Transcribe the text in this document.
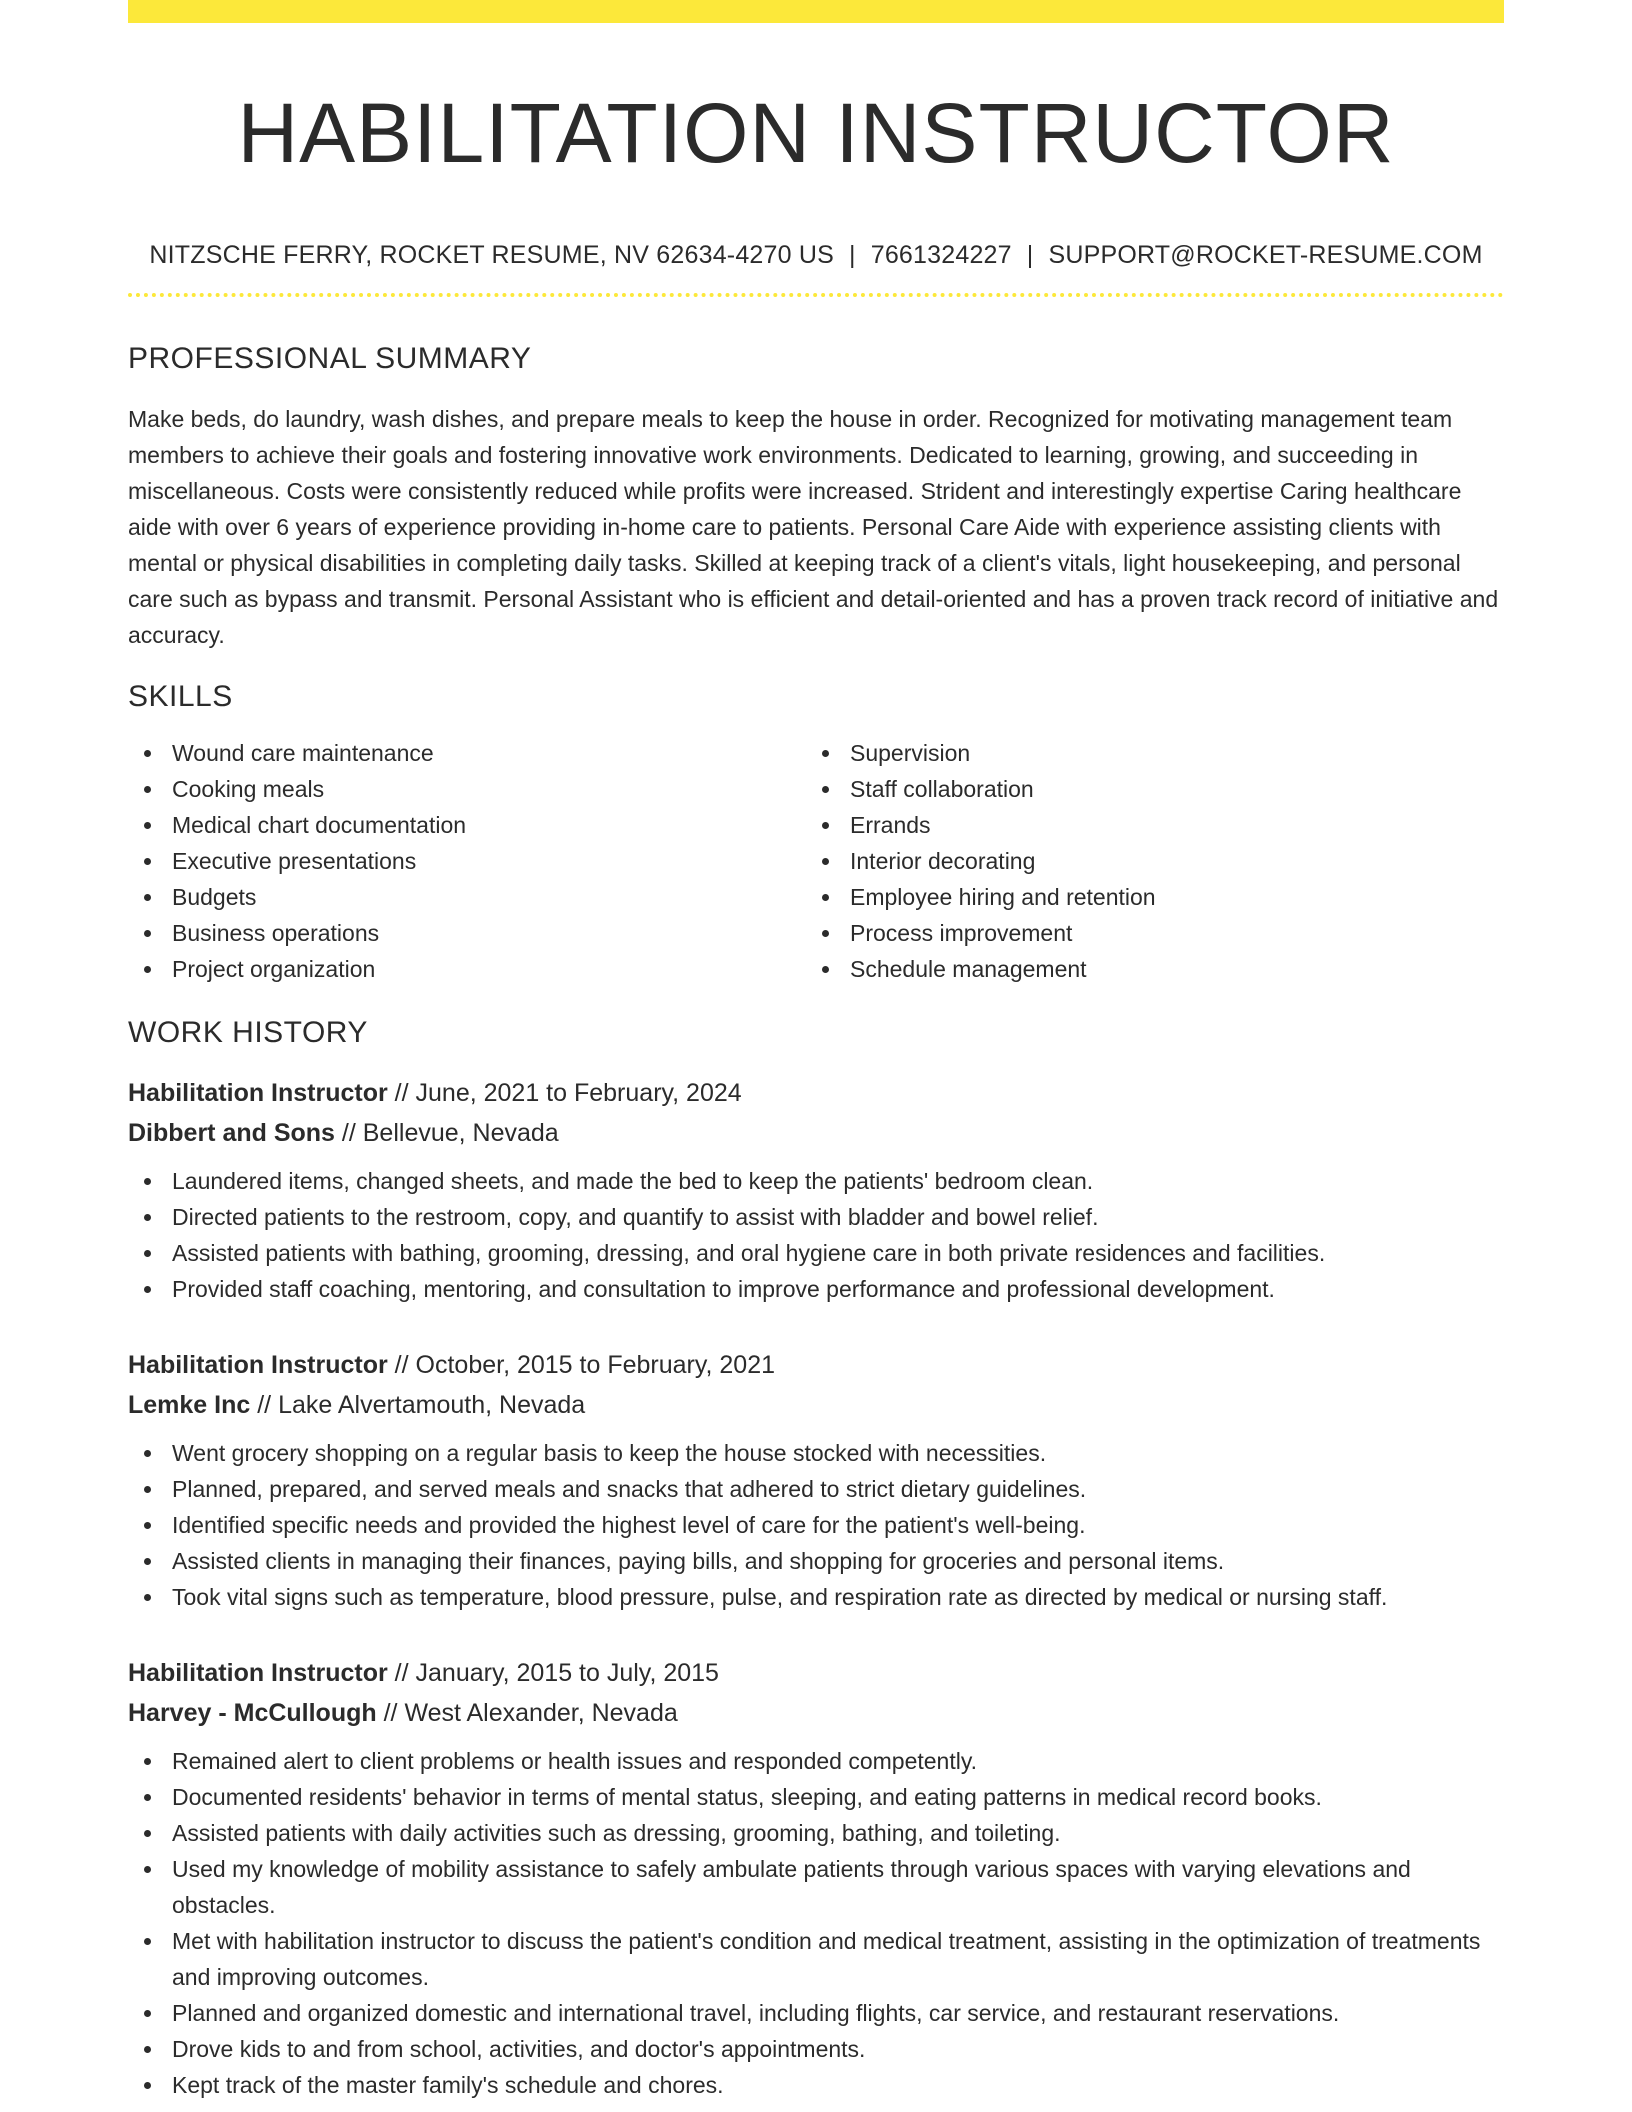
HABILITATION INSTRUCTOR
NITZSCHE FERRY, ROCKET RESUME, NV 62634-4270 US | 7661324227 | SUPPORT@ROCKET-RESUME.COM
PROFESSIONAL SUMMARY

Make beds, do laundry, wash dishes, and prepare meals to keep the house in order. Recognized for motivating management team members to achieve their goals and fostering innovative work environments. Dedicated to learning, growing, and succeeding in miscellaneous. Costs were consistently reduced while profits were increased. Strident and interestingly expertise Caring healthcare aide with over 6 years of experience providing in-home care to patients. Personal Care Aide with experience assisting clients with mental or physical disabilities in completing daily tasks. Skilled at keeping track of a client's vitals, light housekeeping, and personal care such as bypass and transmit. Personal Assistant who is efficient and detail-oriented and has a proven track record of initiative and accuracy.

SKILLS
Wound care maintenance
Cooking meals
Medical chart documentation
Executive presentations
Budgets
Business operations
Project organization
Supervision
Staff collaboration
Errands
Interior decorating
Employee hiring and retention
Process improvement
Schedule management
WORK HISTORY
Habilitation Instructor // June, 2021 to February, 2024
Dibbert and Sons // Bellevue, Nevada
Laundered items, changed sheets, and made the bed to keep the patients' bedroom clean.
Directed patients to the restroom, copy, and quantify to assist with bladder and bowel relief.
Assisted patients with bathing, grooming, dressing, and oral hygiene care in both private residences and facilities.
Provided staff coaching, mentoring, and consultation to improve performance and professional development.
Habilitation Instructor // October, 2015 to February, 2021
Lemke Inc // Lake Alvertamouth, Nevada
Went grocery shopping on a regular basis to keep the house stocked with necessities.
Planned, prepared, and served meals and snacks that adhered to strict dietary guidelines.
Identified specific needs and provided the highest level of care for the patient's well-being.
Assisted clients in managing their finances, paying bills, and shopping for groceries and personal items.
Took vital signs such as temperature, blood pressure, pulse, and respiration rate as directed by medical or nursing staff.
Habilitation Instructor // January, 2015 to July, 2015
Harvey - McCullough // West Alexander, Nevada
Remained alert to client problems or health issues and responded competently.
Documented residents' behavior in terms of mental status, sleeping, and eating patterns in medical record books.
Assisted patients with daily activities such as dressing, grooming, bathing, and toileting.
Used my knowledge of mobility assistance to safely ambulate patients through various spaces with varying elevations and obstacles.
Met with habilitation instructor to discuss the patient's condition and medical treatment, assisting in the optimization of treatments and improving outcomes.
Planned and organized domestic and international travel, including flights, car service, and restaurant reservations.
Drove kids to and from school, activities, and doctor's appointments.
Kept track of the master family's schedule and chores.
